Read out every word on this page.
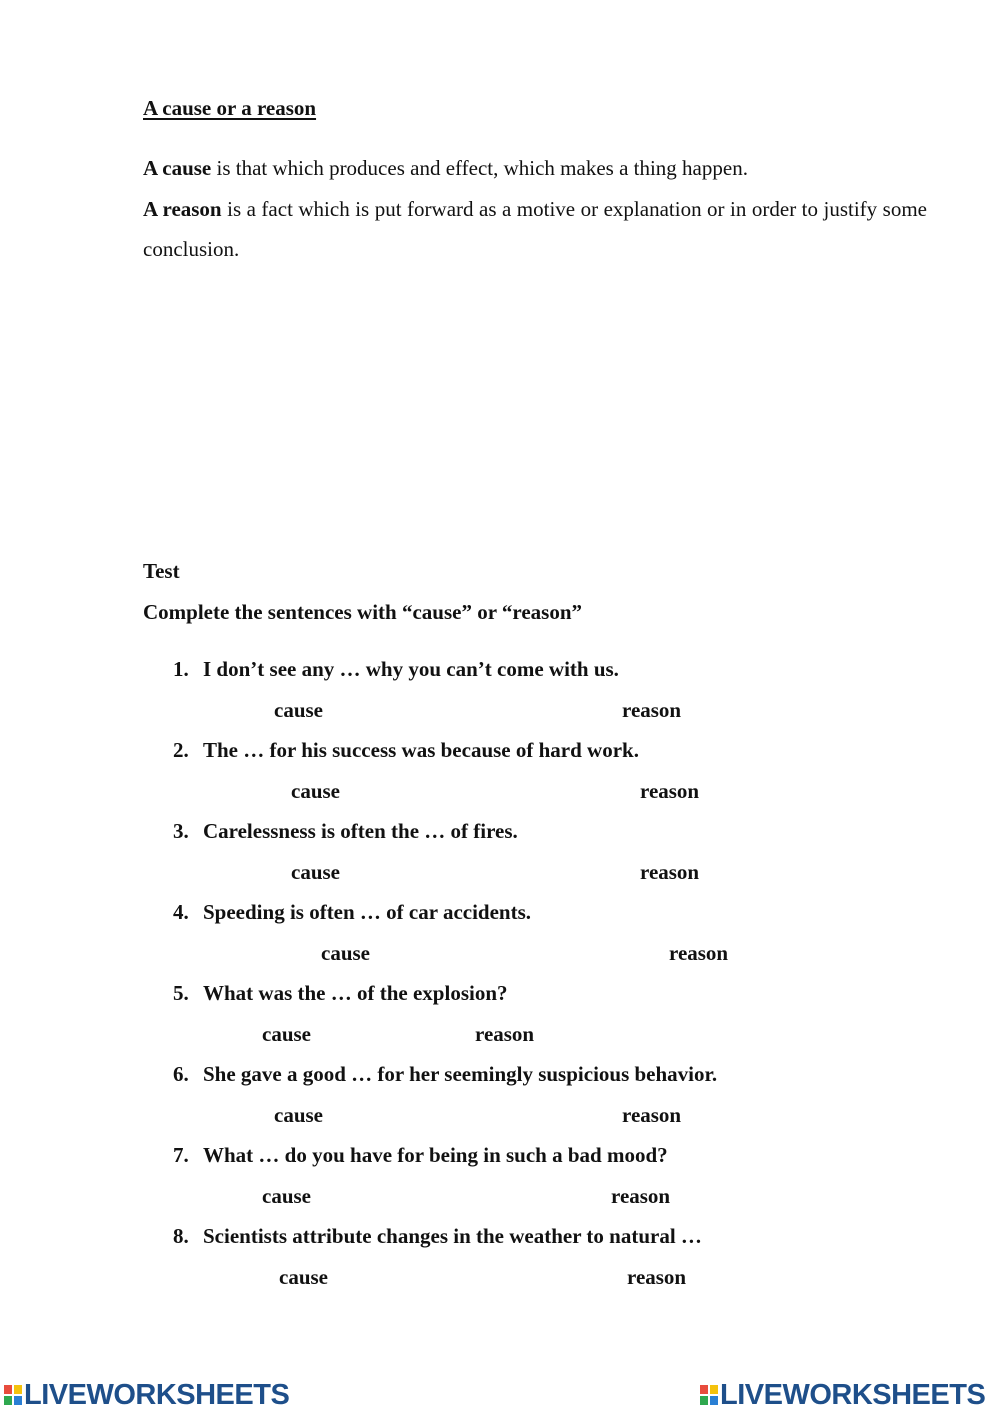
A cause or a reason

A cause is that which produces and effect, which makes a thing happen.

A reason is a fact which is put forward as a motive or explanation or in order to justify some conclusion.

Test
Complete the sentences with “cause” or “reason”
1. I don’t see any … why you can’t come with us.
cause	reason
2. The … for his success was because of hard work.
cause	reason
3. Carelessness is often the … of fires.
cause	reason
4. Speeding is often … of car accidents.
cause	reason
5. What was the … of the explosion?
cause	reason
6. She gave a good … for her seemingly suspicious behavior.
cause	reason
7. What … do you have for being in such a bad mood?
cause	reason
8. Scientists attribute changes in the weather to natural …
cause	reason
LIVEWORKSHEETS	LIVEWORKSHEETS
